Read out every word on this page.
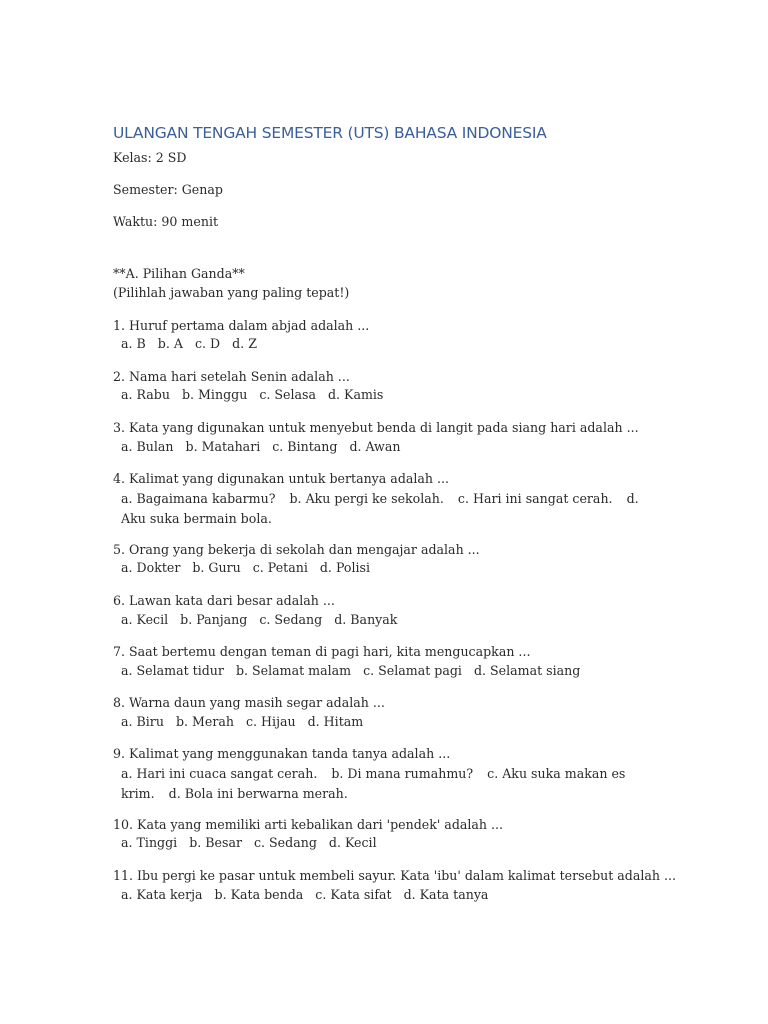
ULANGAN TENGAH SEMESTER (UTS) BAHASA INDONESIA
Kelas: 2 SD
Semester: Genap
Waktu: 90 menit
**A. Pilihan Ganda**
(Pilihlah jawaban yang paling tepat!)
1. Huruf pertama dalam abjad adalah ...
a. B b. A c. D d. Z
2. Nama hari setelah Senin adalah ...
a. Rabu b. Minggu c. Selasa d. Kamis
3. Kata yang digunakan untuk menyebut benda di langit pada siang hari adalah ...
a. Bulan b. Matahari c. Bintang d. Awan
4. Kalimat yang digunakan untuk bertanya adalah ...
a. Bagaimana kabarmu? b. Aku pergi ke sekolah. c. Hari ini sangat cerah. d. Aku suka bermain bola.
5. Orang yang bekerja di sekolah dan mengajar adalah ...
a. Dokter b. Guru c. Petani d. Polisi
6. Lawan kata dari besar adalah ...
a. Kecil b. Panjang c. Sedang d. Banyak
7. Saat bertemu dengan teman di pagi hari, kita mengucapkan ...
a. Selamat tidur b. Selamat malam c. Selamat pagi d. Selamat siang
8. Warna daun yang masih segar adalah ...
a. Biru b. Merah c. Hijau d. Hitam
9. Kalimat yang menggunakan tanda tanya adalah ...
a. Hari ini cuaca sangat cerah. b. Di mana rumahmu? c. Aku suka makan es krim. d. Bola ini berwarna merah.
10. Kata yang memiliki arti kebalikan dari 'pendek' adalah ...
a. Tinggi b. Besar c. Sedang d. Kecil
11. Ibu pergi ke pasar untuk membeli sayur. Kata 'ibu' dalam kalimat tersebut adalah ...
a. Kata kerja b. Kata benda c. Kata sifat d. Kata tanya
